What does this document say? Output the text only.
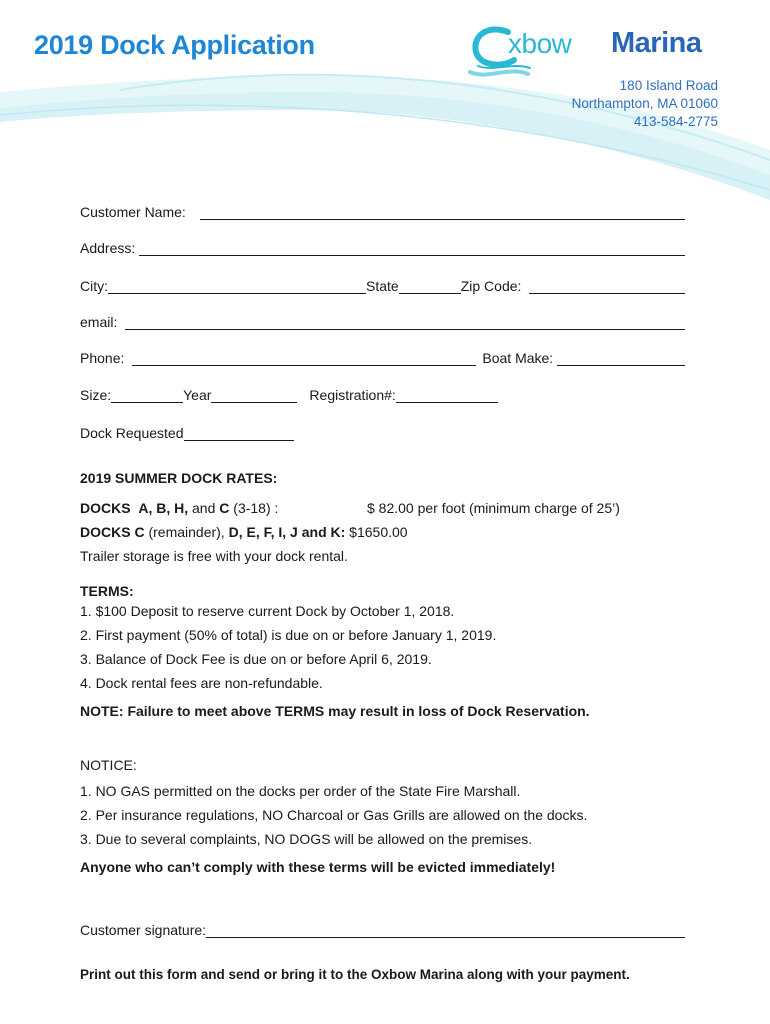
2019 Dock Application	xbow Marina
180 Island Road
Northampton, MA 01060
413-584-2775
Customer Name:
Address:
City:	State	Zip Code:
email:
Phone:	Boat Make:
Size:	Year	Registration#:
Dock Requested

2019 SUMMER DOCK RATES:

DOCKS A, B, H, and C (3-18) :	$ 82.00 per foot (minimum charge of 25’)
DOCKS C
(remainder),
D, E, F, I, J and K:
$1650.00
Trailer storage is free with your dock rental.

TERMS:

1. $100 Deposit to reserve current Dock by October 1, 2018.
2. First payment (50% of total) is due on or before January 1, 2019.
3. Balance of Dock Fee is due on or before April 6, 2019.
4. Dock rental fees are non-refundable.
NOTE: Failure to meet above TERMS may result in loss of Dock Reservation.

NOTICE:

1. NO GAS permitted on the docks per order of the State Fire Marshall.
2. Per insurance regulations, NO Charcoal or Gas Grills are allowed on the docks.
3. Due to several complaints, NO DOGS will be allowed on the premises.
Anyone who can’t comply with these terms will be evicted immediately!
Customer signature:
Print out this form and send or bring it to the Oxbow Marina along with your payment.
